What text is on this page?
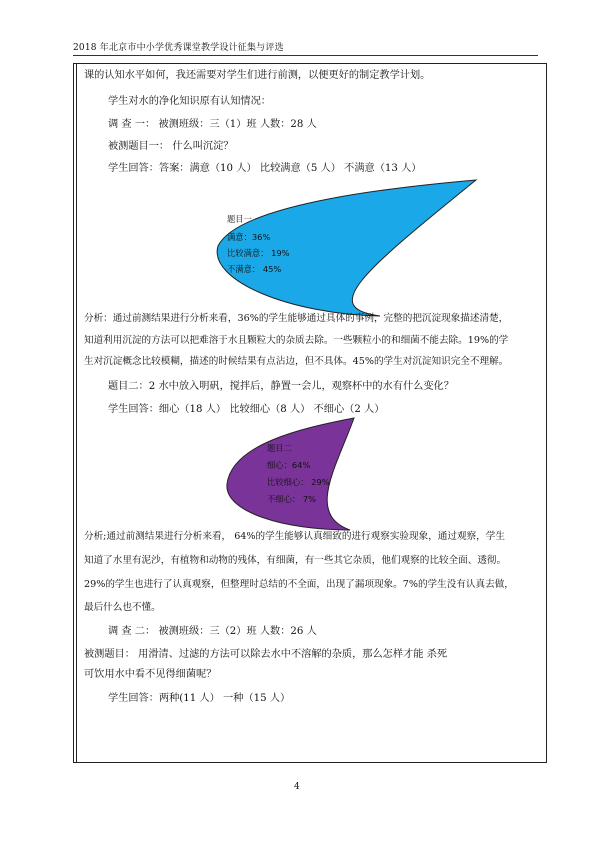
2018 年北京市中小学优秀课堂教学设计征集与评选
课的认知水平如何，我还需要对学生们进行前测，以便更好的制定教学计划。
学生对水的净化知识原有认知情况：
调 查 一： 被测班级：三（1）班 人数：28 人
被测题目一： 什么叫沉淀？
学生回答：答案：满意（10 人） 比较满意（5 人） 不满意（13 人）
题目一
满意：36%
比较满意： 19%
不满意： 45%
分析：通过前测结果进行分析来看，36%的学生能够通过具体的事例，完整的把沉淀现象描述清楚，
知道利用沉淀的方法可以把难溶于水且颗粒大的杂质去除。一些颗粒小的和细菌不能去除。19%的学
生对沉淀概念比较模糊，描述的时候结果有点沾边，但不具体。45%的学生对沉淀知识完全不理解。
题目二：2 水中放入明矾，搅拌后，静置一会儿，观察杯中的水有什么变化？
学生回答：细心（18 人） 比较细心（8 人） 不细心（2 人）
题目二
细心：64%
比较细心： 29%
不细心： 7%
分析;通过前测结果进行分析来看， 64%的学生能够认真细致的进行观察实验现象，通过观察，学生
知道了水里有泥沙，有植物和动物的残体，有细菌，有一些其它杂质，他们观察的比较全面、透彻。
29%的学生也进行了认真观察，但整理时总结的不全面，出现了漏项现象。7%的学生没有认真去做，
最后什么也不懂。
调 查 二： 被测班级：三（2）班 人数：26 人
被测题目： 用滑清、过滤的方法可以除去水中不溶解的杂质，那么怎样才能 杀死
可饮用水中看不见得细菌呢？
学生回答：两种(11 人） 一种（15 人）
4
